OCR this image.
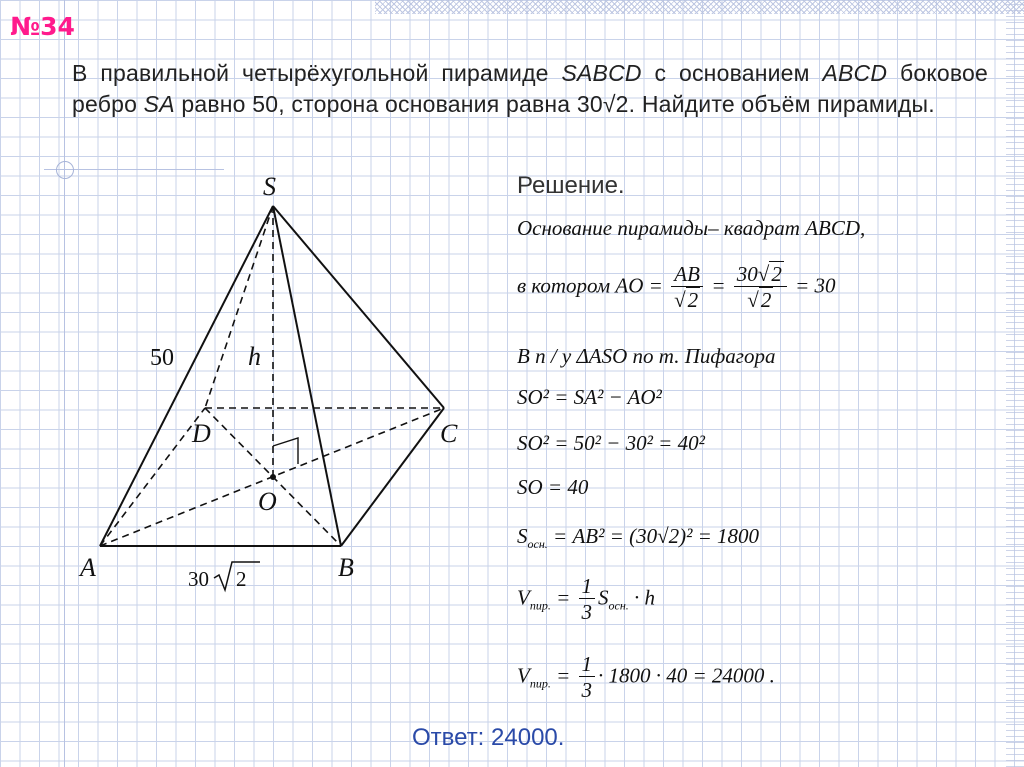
№34
В правильной четырёхугольной пирамиде SABCD с основанием ABCD боковое ребро SA равно 50, сторона основания равна 30√2. Найдите объём пирамиды.
S
A	B
C
D
O
h
50
30 2
Решение.
Основание пирамиды– квадрат ABCD,
в котором AO = $\frac{AB}{√2} = \frac{30√2}{√2} = 30$
В п / у ΔASO по т. Пифагора
SO² = SA² − AO²
SO² = 50² − 30² = 40²
SO = 40
$S_{осн.} = AB^2 = (30√2)^2 = 1800$
$V_{пир.} = \frac{1}{3} S_{осн.} \cdot h$
$V_{пир.} = \frac{1}{3} \cdot 1800 \cdot 40 = 24000$ .
Ответ: 24000.
